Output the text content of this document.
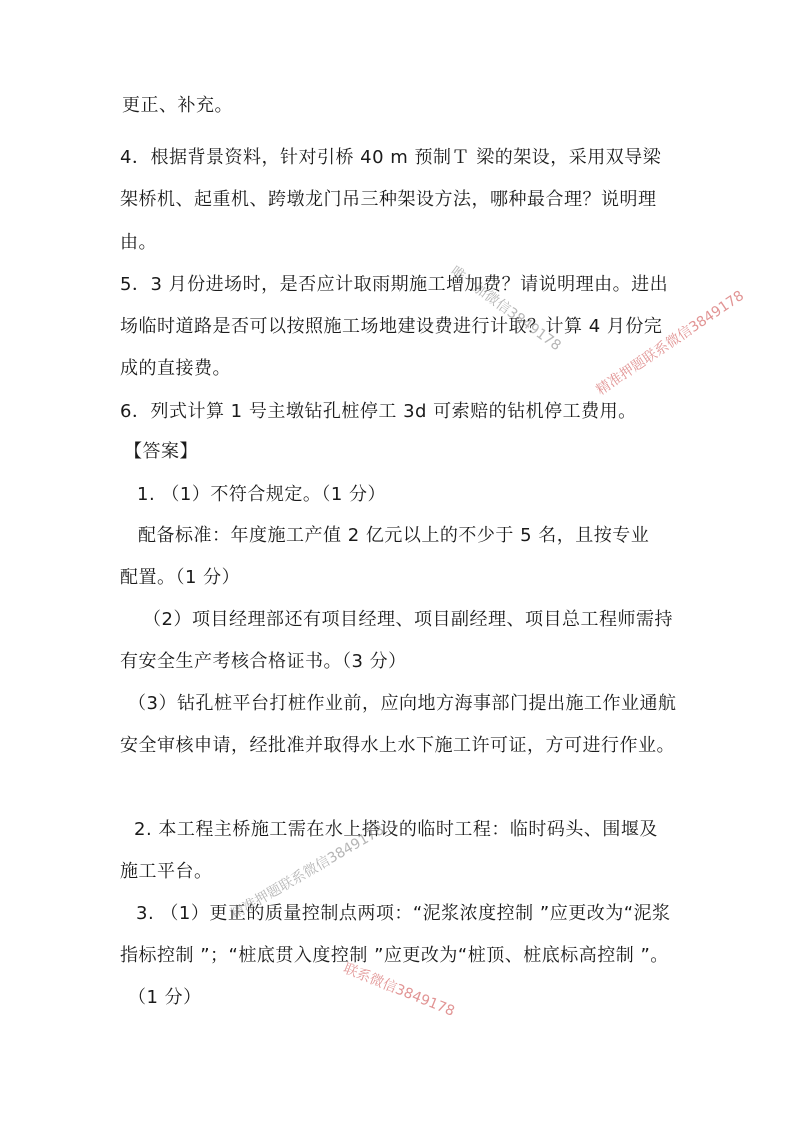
更正、补充。
4．根据背景资料，针对引桥 40 m 预制Ｔ 梁的架设，采用双导梁
架桥机、起重机、跨墩龙门吊三种架设方法，哪种最合理？说明理
由。
5．3 月份进场时，是否应计取雨期施工增加费？请说明理由。进出
场临时道路是否可以按照施工场地建设费进行计取？计算 4 月份完
成的直接费。
6．列式计算 1 号主墩钻孔桩停工 3d 可索赔的钻机停工费用。
【答案】
1. （1）不符合规定。（1 分）
配备标准：年度施工产值 2 亿元以上的不少于 5 名，且按专业
配置。（1 分）
（2）项目经理部还有项目经理、项目副经理、项目总工程师需持
有安全生产考核合格证书。（3 分）
（3）钻孔桩平台打桩作业前，应向地方海事部门提出施工作业通航
安全审核申请，经批准并取得水上水下施工许可证，方可进行作业。
2. 本工程主桥施工需在水上搭设的临时工程：临时码头、围堰及
施工平台。
3. （1）更正的质量控制点两项：“泥浆浓度控制 ”应更改为“泥浆
指标控制 ”；“桩底贯入度控制 ”应更改为“桩顶、桩底标高控制 ”。
（1 分）
唯一加微信3849178 精准押题联系微信3849178
精准押题联系微信3849178
联系微信3849178
